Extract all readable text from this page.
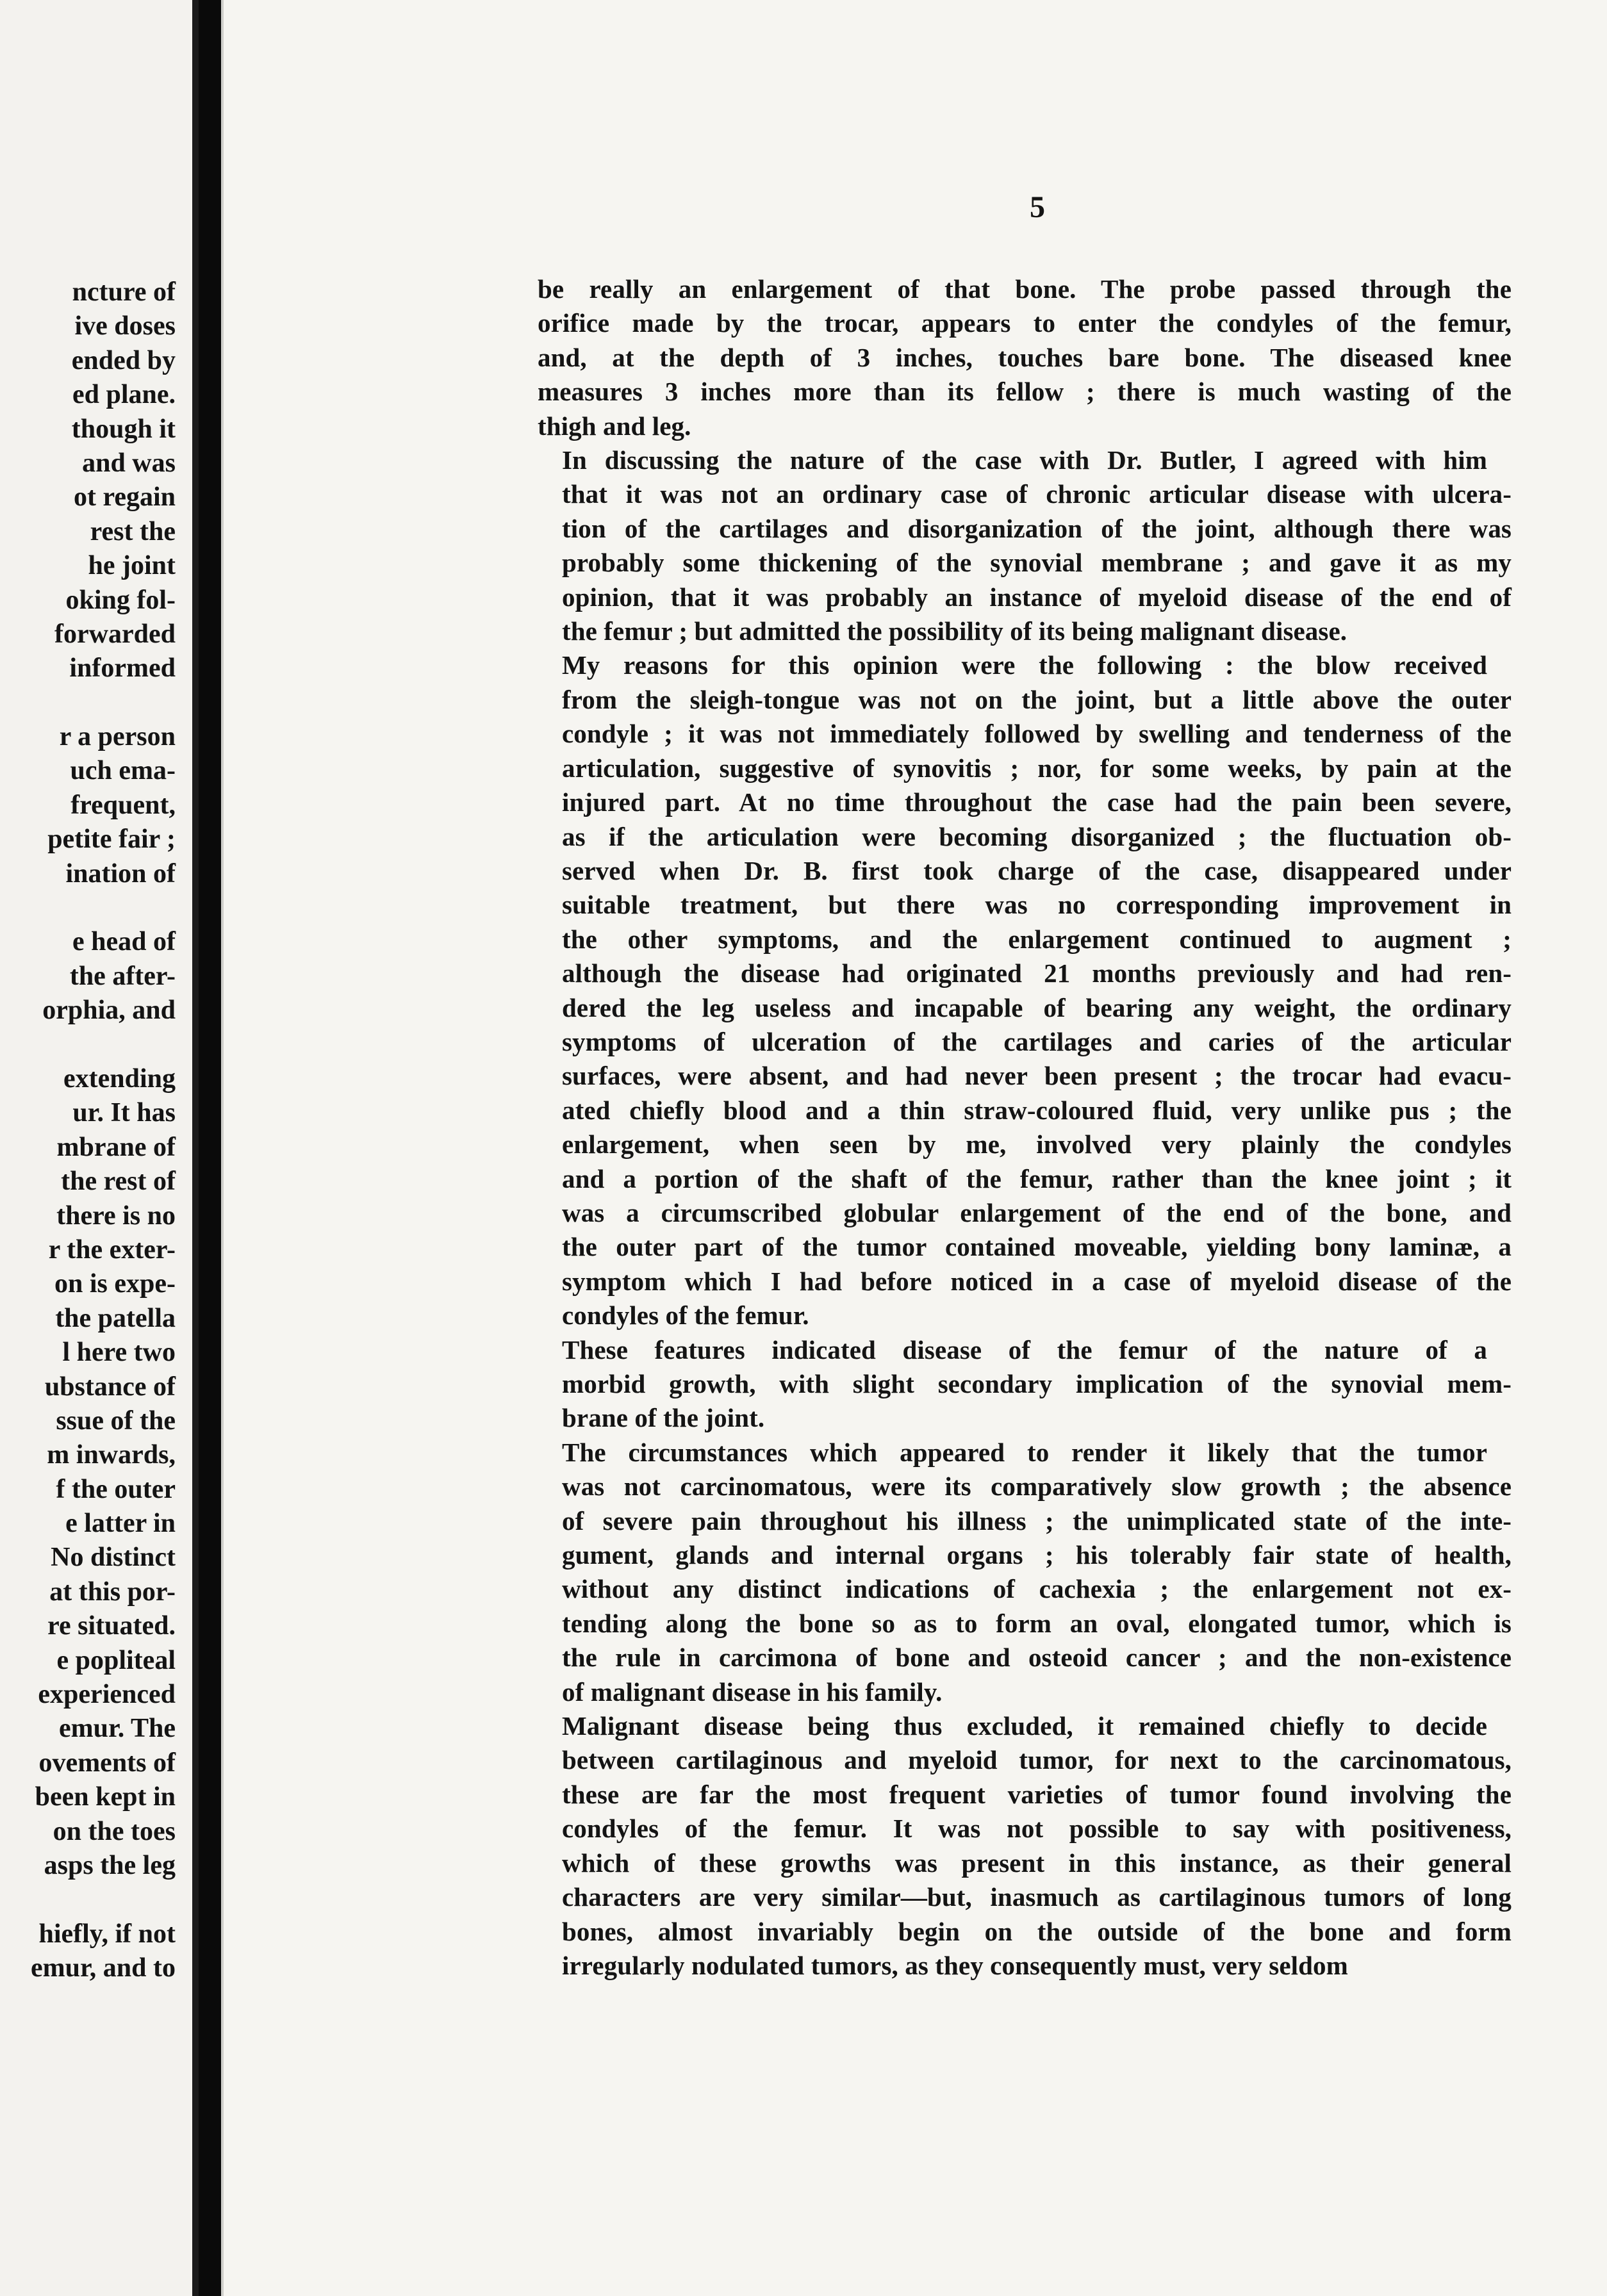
ncture of
ive doses
ended by
ed plane.
though it
and was
ot regain
rest the
he joint
oking fol-
forwarded
informed
r a person
uch ema-
frequent,
petite fair ;
ination of
e head of
the after-
orphia, and
extending
ur. It has
mbrane of
the rest of
there is no
r the exter-
on is expe-
the patella
l here two
ubstance of
ssue of the
m inwards,
f the outer
e latter in
No distinct
at this por-
re situated.
e popliteal
experienced
emur. The
ovements of
been kept in
on the toes
asps the leg
hiefly, if not
emur, and to
5

be really an enlargement of that bone. The probe passed through the
orifice made by the trocar, appears to enter the condyles of the femur,
and, at the depth of 3 inches, touches bare bone. The diseased knee
measures 3 inches more than its fellow ; there is much wasting of the
thigh and leg.

In discussing the nature of the case with Dr. Butler, I agreed with him
that it was not an ordinary case of chronic articular disease with ulcera-
tion of the cartilages and disorganization of the joint, although there was
probably some thickening of the synovial membrane ; and gave it as my
opinion, that it was probably an instance of myeloid disease of the end of
the femur ; but admitted the possibility of its being malignant disease.

My reasons for this opinion were the following : the blow received
from the sleigh-tongue was not on the joint, but a little above the outer
condyle ; it was not immediately followed by swelling and tenderness of the
articulation, suggestive of synovitis ; nor, for some weeks, by pain at the
injured part. At no time throughout the case had the pain been severe,
as if the articulation were becoming disorganized ; the fluctuation ob-
served when Dr. B. first took charge of the case, disappeared under
suitable treatment, but there was no corresponding improvement in
the other symptoms, and the enlargement continued to augment ;
although the disease had originated 21 months previously and had ren-
dered the leg useless and incapable of bearing any weight, the ordinary
symptoms of ulceration of the cartilages and caries of the articular
surfaces, were absent, and had never been present ; the trocar had evacu-
ated chiefly blood and a thin straw-coloured fluid, very unlike pus ; the
enlargement, when seen by me, involved very plainly the condyles
and a portion of the shaft of the femur, rather than the knee joint ; it
was a circumscribed globular enlargement of the end of the bone, and
the outer part of the tumor contained moveable, yielding bony laminæ, a
symptom which I had before noticed in a case of myeloid disease of the
condyles of the femur.

These features indicated disease of the femur of the nature of a
morbid growth, with slight secondary implication of the synovial mem-
brane of the joint.

The circumstances which appeared to render it likely that the tumor
was not carcinomatous, were its comparatively slow growth ; the absence
of severe pain throughout his illness ; the unimplicated state of the inte-
gument, glands and internal organs ; his tolerably fair state of health,
without any distinct indications of cachexia ; the enlargement not ex-
tending along the bone so as to form an oval, elongated tumor, which is
the rule in carcimona of bone and osteoid cancer ; and the non-existence
of malignant disease in his family.

Malignant disease being thus excluded, it remained chiefly to decide
between cartilaginous and myeloid tumor, for next to the carcinomatous,
these are far the most frequent varieties of tumor found involving the
condyles of the femur. It was not possible to say with positiveness,
which of these growths was present in this instance, as their general
characters are very similar—but, inasmuch as cartilaginous tumors of long
bones, almost invariably begin on the outside of the bone and form
irregularly nodulated tumors, as they consequently must, very seldom
